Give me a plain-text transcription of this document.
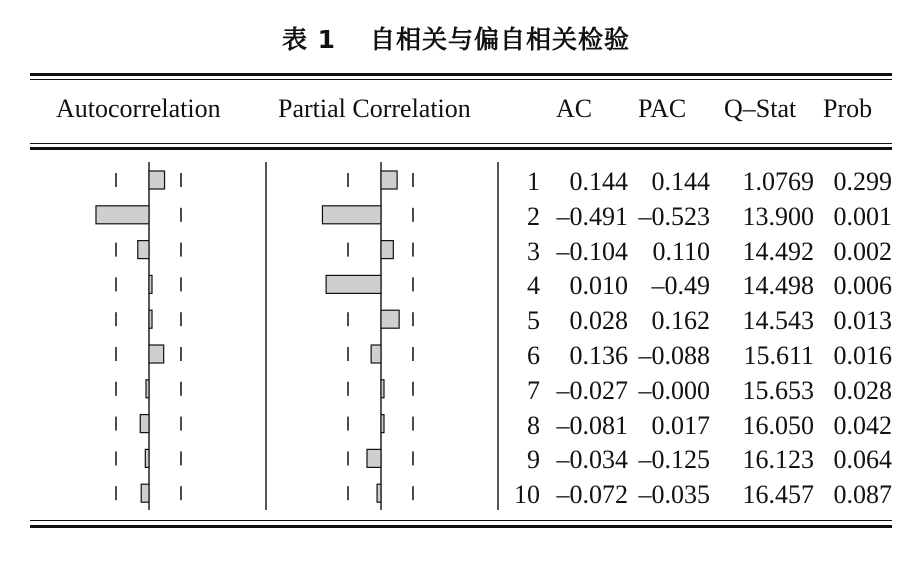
表 1 自相关与偏自相关检验
Autocorrelation Partial Correlation	AC PAC Q–Stat Prob
1	0.144 0.144	1.0769 0.299
2 –0.491 –0.523	13.900 0.001
3 –0.104 0.110	14.492 0.002
4	0.010 –0.49	14.498 0.006
5	0.028 0.162	14.543 0.013
6	0.136 –0.088	15.611 0.016
7 –0.027 –0.000	15.653 0.028
8 –0.081 0.017	16.050 0.042
9 –0.034 –0.125	16.123 0.064
10 –0.072 –0.035	16.457 0.087
